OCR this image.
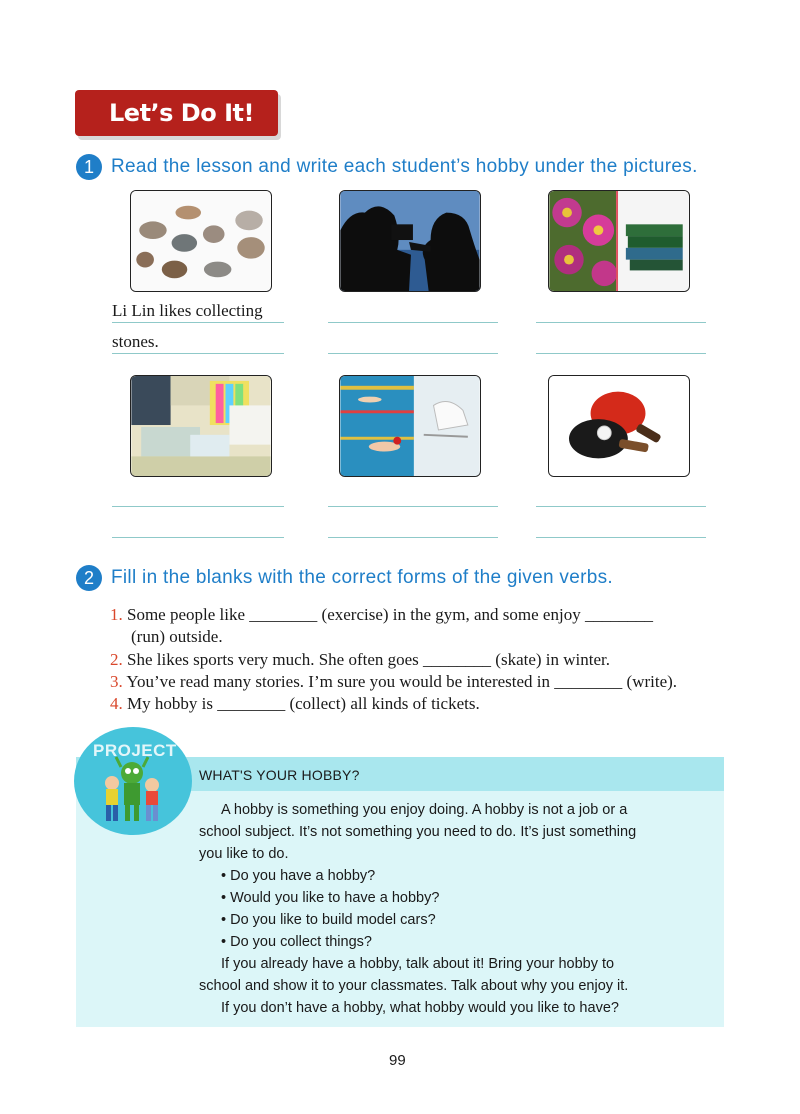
Let’s Do It!
1 Read the lesson and write each student’s hobby under the pictures.
Li Lin likes collecting
stones.
2 Fill in the blanks with the correct forms of the given verbs.
1. Some people like ________ (exercise) in the gym, and some enjoy ________
(run) outside.
2. She likes sports very much. She often goes ________ (skate) in winter.
3. You’ve read many stories. I’m sure you would be interested in ________ (write).
4. My hobby is ________ (collect) all kinds of tickets.
PROJECT
WHAT'S YOUR HOBBY?
A hobby is something you enjoy doing. A hobby is not a job or a
school subject. It’s not something you need to do. It’s just something
you like to do.
• Do you have a hobby?
• Would you like to have a hobby?
• Do you like to build model cars?
• Do you collect things?
If you already have a hobby, talk about it! Bring your hobby to
school and show it to your classmates. Talk about why you enjoy it.
If you don’t have a hobby, what hobby would you like to have?
99
